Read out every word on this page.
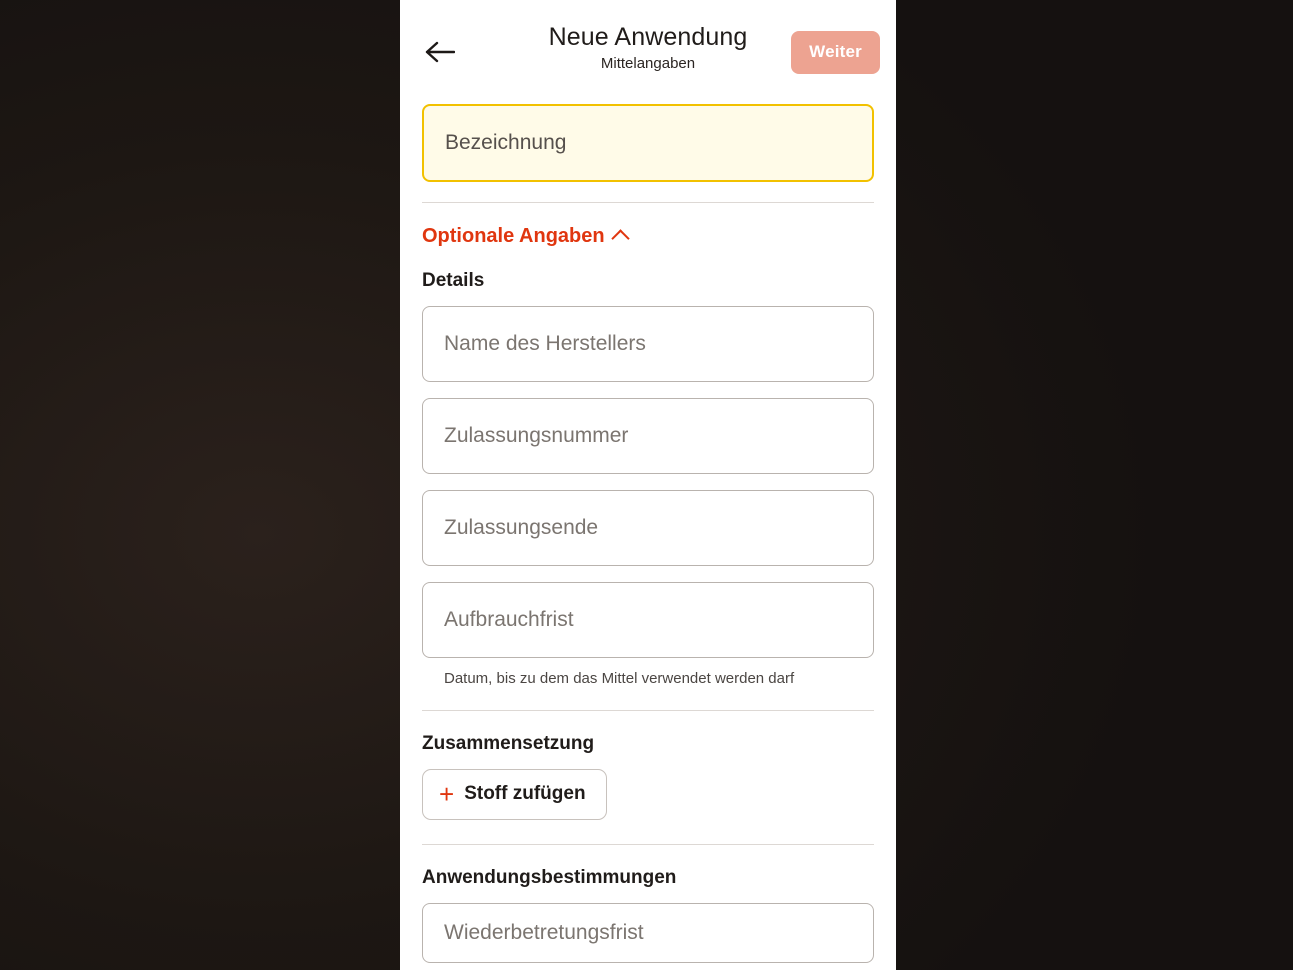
Neue Anwendung
Mittelangaben
Weiter
Bezeichnung
Optionale Angaben
Details
Name des Herstellers
Zulassungsnummer
Zulassungsende
Aufbrauchfrist
Datum, bis zu dem das Mittel verwendet werden darf
Zusammensetzung
+ Stoff zufügen
Anwendungsbestimmungen
Wiederbetretungsfrist
